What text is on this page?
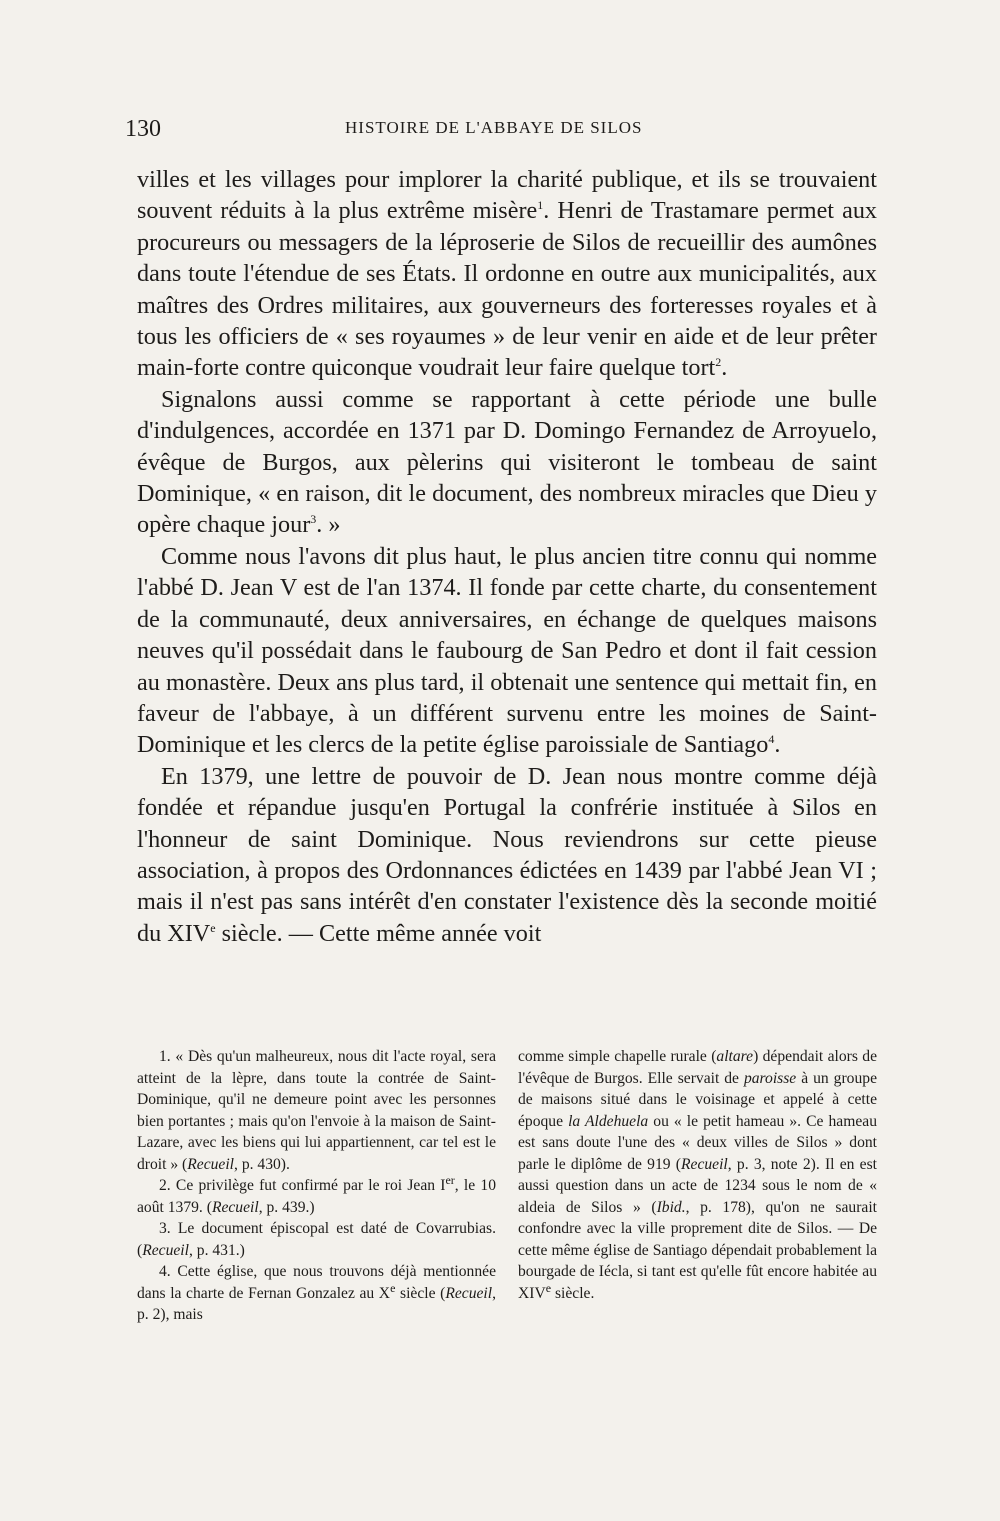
130	HISTOIRE DE L'ABBAYE DE SILOS

villes et les villages pour implorer la charité publique, et ils se trouvaient souvent réduits à la plus extrême misère$^1$. Henri de Trastamare permet aux procureurs ou messagers de la léproserie de Silos de recueillir des aumônes dans toute l'étendue de ses États. Il ordonne en outre aux municipalités, aux maîtres des Ordres militaires, aux gouverneurs des forteresses royales et à tous les officiers de « ses royaumes » de leur venir en aide et de leur prêter main-forte contre quiconque voudrait leur faire quelque tort$^2$.

Signalons aussi comme se rapportant à cette période une bulle d'indulgences, accordée en 1371 par D. Domingo Fernandez de Arroyuelo, évêque de Burgos, aux pèlerins qui visiteront le tombeau de saint Dominique, « en raison, dit le document, des nombreux miracles que Dieu y opère chaque jour$^3$. »

Comme nous l'avons dit plus haut, le plus ancien titre connu qui nomme l'abbé D. Jean V est de l'an 1374. Il fonde par cette charte, du consentement de la communauté, deux anniversaires, en échange de quelques maisons neuves qu'il possédait dans le faubourg de San Pedro et dont il fait cession au monastère. Deux ans plus tard, il obtenait une sentence qui mettait fin, en faveur de l'abbaye, à un différent survenu entre les moines de Saint-Dominique et les clercs de la petite église paroissiale de Santiago$^4$.

En 1379, une lettre de pouvoir de D. Jean nous montre comme déjà fondée et répandue jusqu'en Portugal la confrérie instituée à Silos en l'honneur de saint Dominique. Nous reviendrons sur cette pieuse association, à propos des Ordonnances édictées en 1439 par l'abbé Jean VI ; mais il n'est pas sans intérêt d'en constater l'existence dès la seconde moitié du XIVe siècle. — Cette même année voit

1. « Dès qu'un malheureux, nous dit l'acte royal, sera atteint de la lèpre, dans toute la contrée de Saint-Dominique, qu'il ne demeure point avec les personnes bien portantes ; mais qu'on l'envoie à la maison de Saint-Lazare, avec les biens qui lui appartiennent, car tel est le droit » (Recueil, p. 430).

2. Ce privilège fut confirmé par le roi Jean Ier, le 10 août 1379. (Recueil, p. 439.)

3. Le document épiscopal est daté de Covarrubias. (Recueil, p. 431.)

4. Cette église, que nous trouvons déjà mentionnée dans la charte de Fernan Gonzalez au Xe siècle (Recueil, p. 2), mais

comme simple chapelle rurale (altare) dépendait alors de l'évêque de Burgos. Elle servait de paroisse à un groupe de maisons situé dans le voisinage et appelé à cette époque la Aldehuela ou « le petit hameau ». Ce hameau est sans doute l'une des « deux villes de Silos » dont parle le diplôme de 919 (Recueil, p. 3, note 2). Il en est aussi question dans un acte de 1234 sous le nom de « aldeia de Silos » (Ibid., p. 178), qu'on ne saurait confondre avec la ville proprement dite de Silos. — De cette même église de Santiago dépendait probablement la bourgade de Iécla, si tant est qu'elle fût encore habitée au XIVe siècle.
